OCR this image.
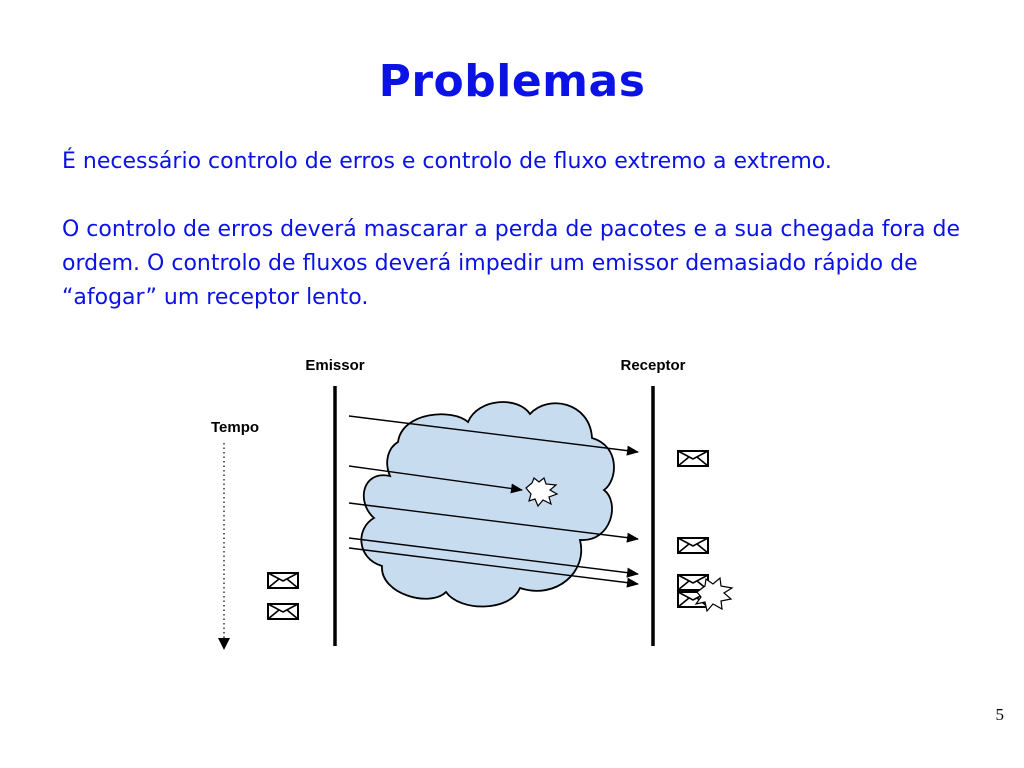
Problemas
É necessário controlo de erros e controlo de fluxo extremo a extremo.
O controlo de erros deverá mascarar a perda de pacotes e a sua chegada fora de ordem. O controlo de fluxos deverá impedir um emissor demasiado rápido de “afogar” um receptor lento.
Emissor	Receptor
Tempo
5
